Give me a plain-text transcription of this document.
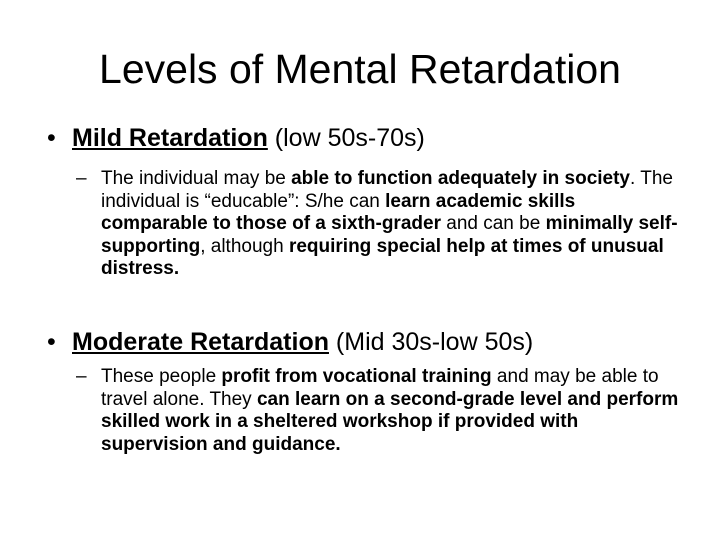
Levels of Mental Retardation
• Mild Retardation (low 50s-70s)
– The individual may be able to function adequately in society. The individual is “educable”: S/he can learn academic skills comparable to those of a sixth-grader and can be minimally self-supporting, although requiring special help at times of unusual distress.
• Moderate Retardation (Mid 30s-low 50s)
– These people profit from vocational training and may be able to travel alone. They can learn on a second-grade level and perform skilled work in a sheltered workshop if provided with supervision and guidance.
